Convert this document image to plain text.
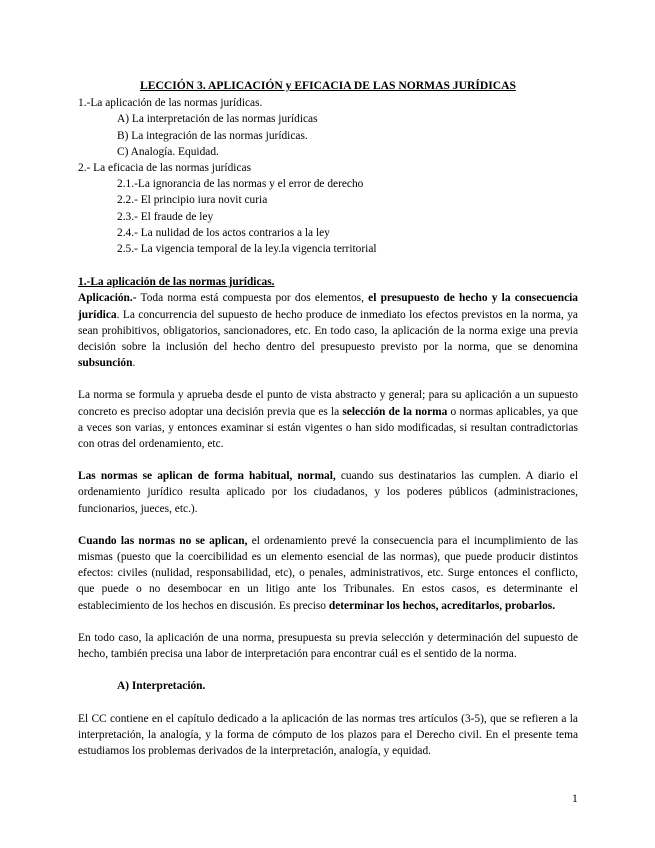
LECCIÓN 3. APLICACIÓN y EFICACIA DE LAS NORMAS JURÍDICAS

1.-La aplicación de las normas jurídicas.

A) La interpretación de las normas jurídicas

B) La integración de las normas jurídicas.

C) Analogía. Equidad.

2.- La eficacia de las normas jurídicas

2.1.-La ignorancia de las normas y el error de derecho

2.2.- El principio iura novit curia

2.3.- El fraude de ley

2.4.- La nulidad de los actos contrarios a la ley

2.5.- La vigencia temporal de la ley.la vigencia territorial

1.-La aplicación de las normas jurídicas.

Aplicación.- Toda norma está compuesta por dos elementos, el presupuesto de hecho y la consecuencia jurídica. La concurrencia del supuesto de hecho produce de inmediato los efectos previstos en la norma, ya sean prohibitivos, obligatorios, sancionadores, etc. En todo caso, la aplicación de la norma exige una previa decisión sobre la inclusión del hecho dentro del presupuesto previsto por la norma, que se denomina subsunción.

La norma se formula y aprueba desde el punto de vista abstracto y general; para su aplicación a un supuesto concreto es preciso adoptar una decisión previa que es la selección de la norma o normas aplicables, ya que a veces son varias, y entonces examinar si están vigentes o han sido modificadas, si resultan contradictorias con otras del ordenamiento, etc.

Las normas se aplican de forma habitual, normal, cuando sus destinatarios las cumplen. A diario el ordenamiento jurídico resulta aplicado por los ciudadanos, y los poderes públicos (administraciones, funcionarios, jueces, etc.).

Cuando las normas no se aplican, el ordenamiento prevé la consecuencia para el incumplimiento de las mismas (puesto que la coercibilidad es un elemento esencial de las normas), que puede producir distintos efectos: civiles (nulidad, responsabilidad, etc), o penales, administrativos, etc. Surge entonces el conflicto, que puede o no desembocar en un litigo ante los Tribunales. En estos casos, es determinante el establecimiento de los hechos en discusión. Es preciso determinar los hechos, acreditarlos, probarlos.

En todo caso, la aplicación de una norma, presupuesta su previa selección y determinación del supuesto de hecho, también precisa una labor de interpretación para encontrar cuál es el sentido de la norma.

A) Interpretación.

El CC contiene en el capítulo dedicado a la aplicación de las normas tres artículos (3-5), que se refieren a la interpretación, la analogía, y la forma de cómputo de los plazos para el Derecho civil. En el presente tema estudiamos los problemas derivados de la interpretación, analogía, y equidad.

1
